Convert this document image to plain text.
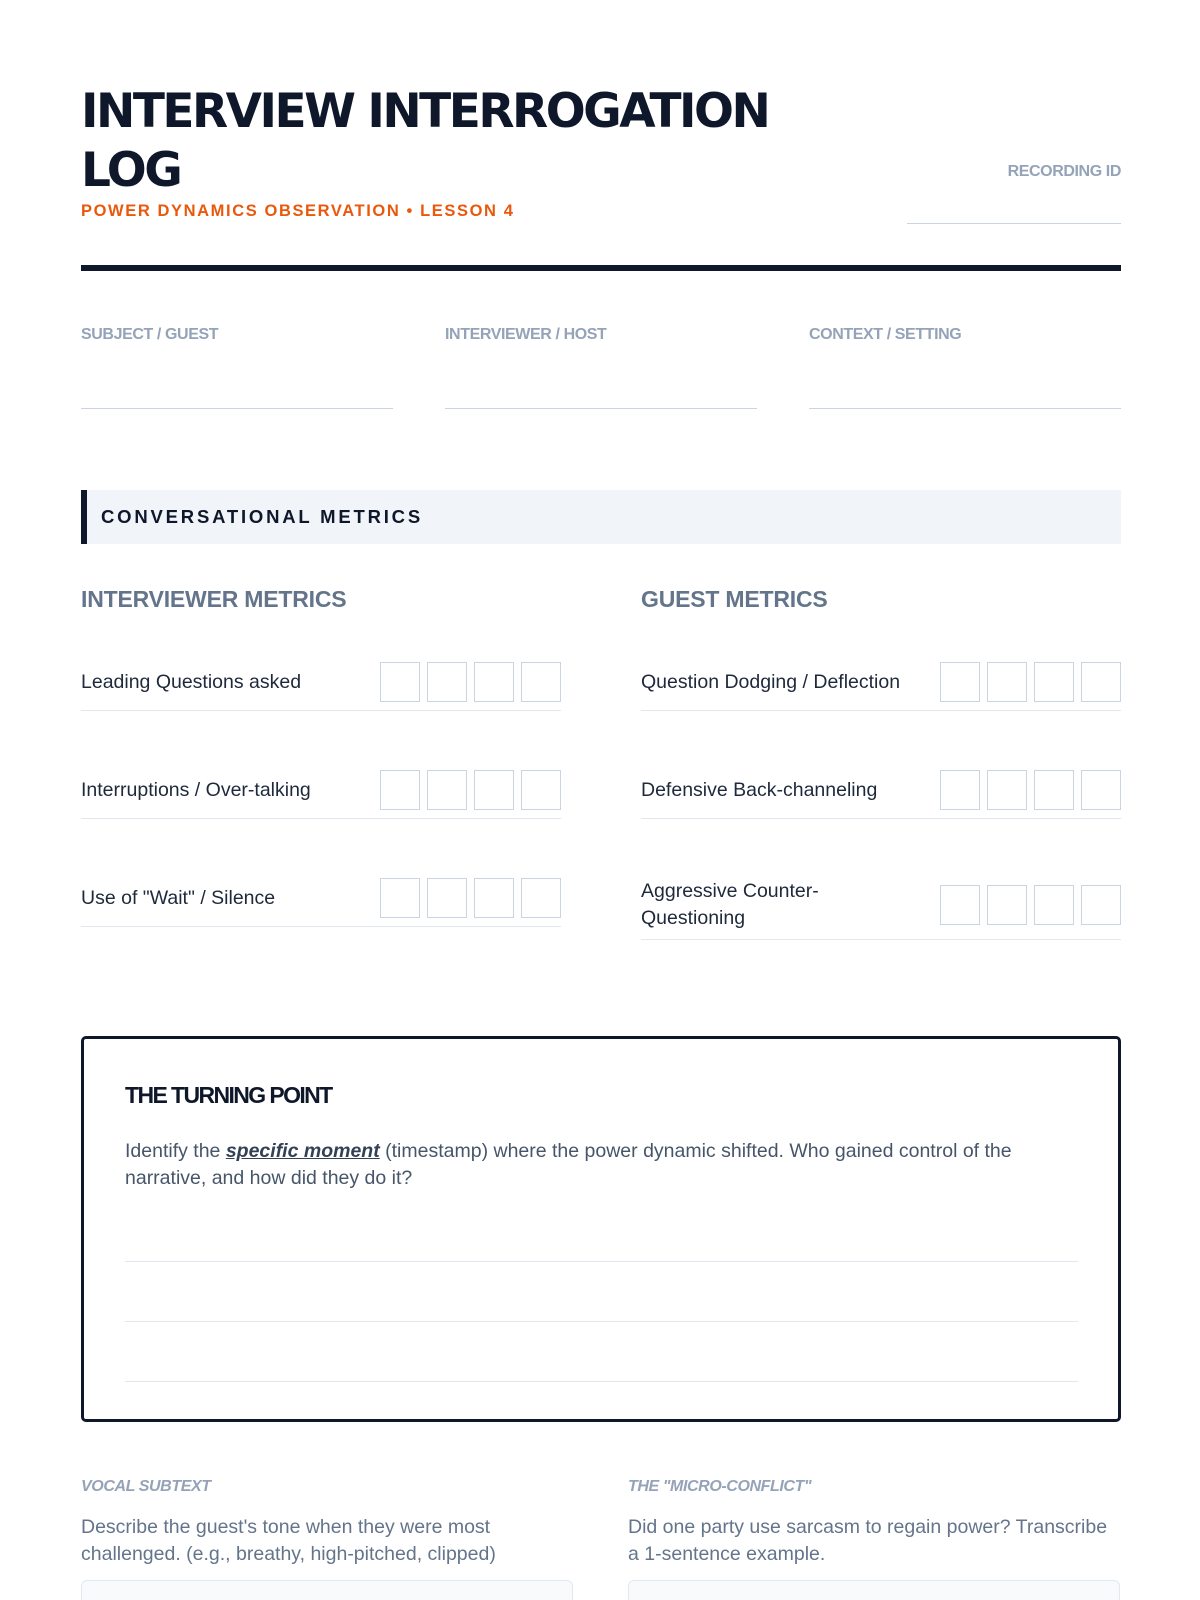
INTERVIEW INTERROGATION LOG
POWER DYNAMICS OBSERVATION • LESSON 4
RECORDING ID
SUBJECT / GUEST	INTERVIEWER / HOST	CONTEXT / SETTING
CONVERSATIONAL METRICS
INTERVIEWER METRICS
Leading Questions asked
Interruptions / Over-talking
Use of "Wait" / Silence
GUEST METRICS
Question Dodging / Deflection
Defensive Back-channeling
Aggressive Counter-Questioning
THE TURNING POINT

Identify the specific moment (timestamp) where the power dynamic shifted. Who gained control of the narrative, and how did they do it?

VOCAL SUBTEXT
Describe the guest's tone when they were most challenged. (e.g., breathy, high-pitched, clipped)
THE "MICRO-CONFLICT"
Did one party use sarcasm to regain power? Transcribe a 1-sentence example.
